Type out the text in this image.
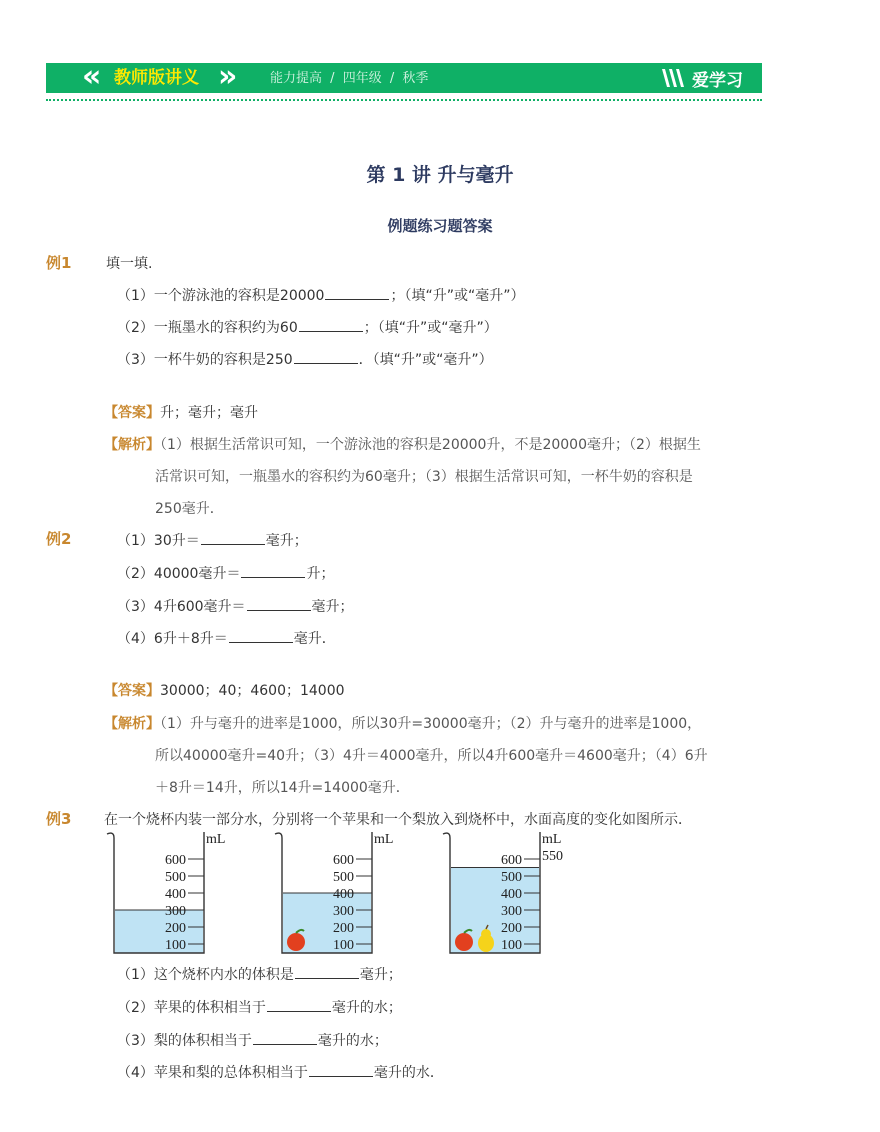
« 教师版讲义 »	能力提高 / 四年级 / 秋季	爱学习
第 1 讲 升与毫升
例题练习题答案
例1 填一填.
（1）一个游泳池的容积是20000	；（填“升”或“毫升”）
（2）一瓶墨水的容积约为60	；（填“升”或“毫升”）
（3）一杯牛奶的容积是250	．（填“升”或“毫升”）
【答案】升；毫升；毫升
【解析】（1）根据生活常识可知，一个游泳池的容积是20000升，不是20000毫升；（2）根据生
活常识可知，一瓶墨水的容积约为60毫升；（3）根据生活常识可知，一杯牛奶的容积是
250毫升．
例2	（1）30升＝	毫升；
（2）40000毫升＝	升；
（3）4升600毫升＝	毫升；
（4）6升＋8升＝	毫升．
【答案】30000；40；4600；14000
【解析】（1）升与毫升的进率是1000，所以30升=30000毫升；（2）升与毫升的进率是1000，
所以40000毫升=40升；（3）4升＝4000毫升，所以4升600毫升＝4600毫升；（4）6升
＋8升＝14升，所以14升=14000毫升．
例3 在一个烧杯内装一部分水，分别将一个苹果和一个梨放入到烧杯中，水面高度的变化如图所示．
600
500
400
300
200
100
mL
600
500
400
300
200
100
mL
600
500
400
300
200
100
mL
550
（1）这个烧杯内水的体积是	毫升；
（2）苹果的体积相当于	毫升的水；
（3）梨的体积相当于	毫升的水；
（4）苹果和梨的总体积相当于	毫升的水．
